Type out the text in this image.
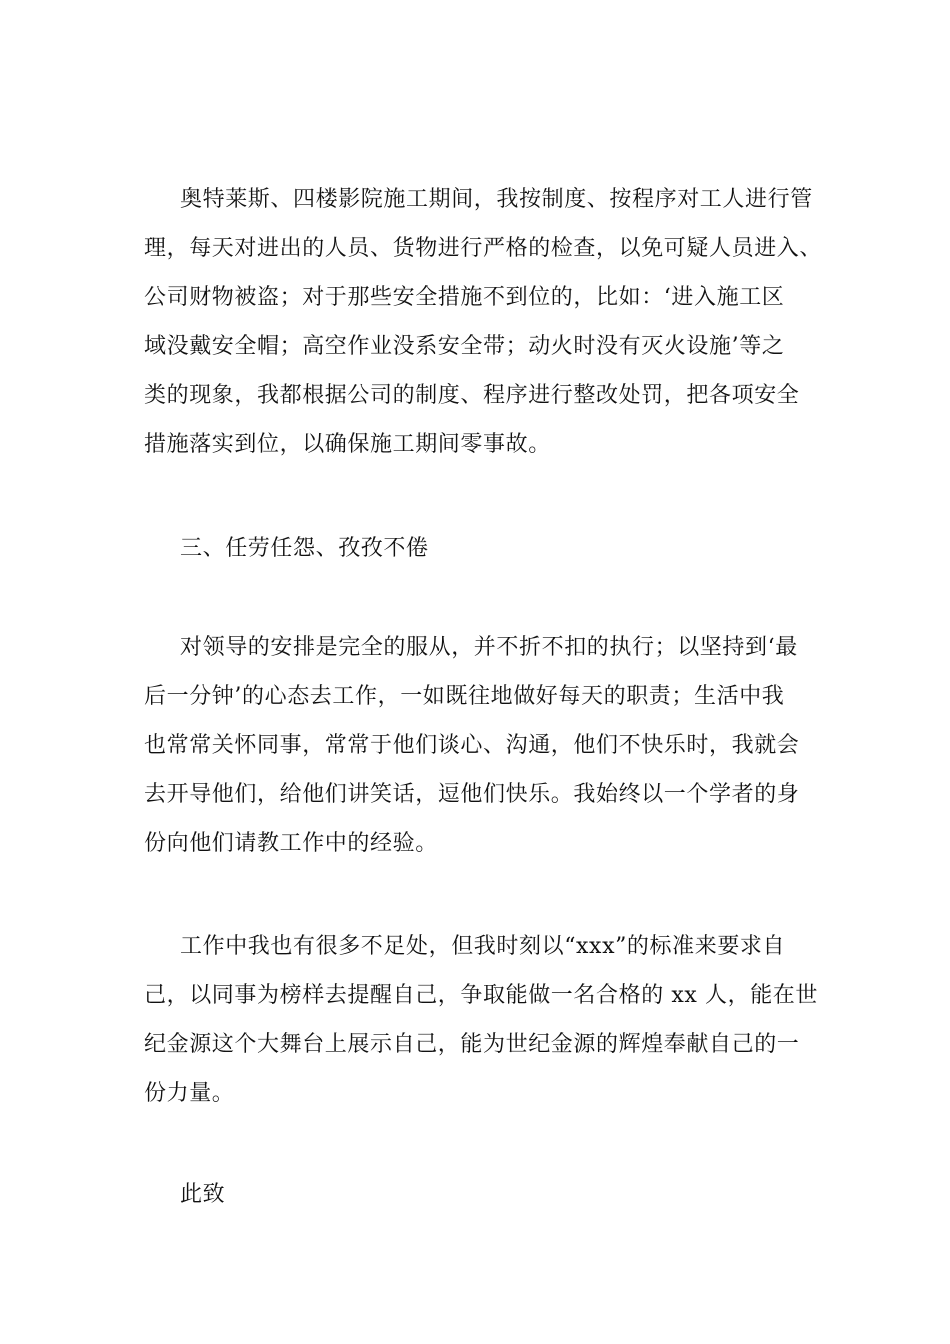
奥特莱斯、四楼影院施工期间，我按制度、按程序对工人进行管
理，每天对进出的人员、货物进行严格的检查，以免可疑人员进入、
公司财物被盗；对于那些安全措施不到位的，比如：‘进入施工区
域没戴安全帽；高空作业没系安全带；动火时没有灭火设施’等之
类的现象，我都根据公司的制度、程序进行整改处罚，把各项安全
措施落实到位，以确保施工期间零事故。
三、任劳任怨、孜孜不倦
对领导的安排是完全的服从，并不折不扣的执行；以坚持到‘最
后一分钟’的心态去工作，一如既往地做好每天的职责；生活中我
也常常关怀同事，常常于他们谈心、沟通，他们不快乐时，我就会
去开导他们，给他们讲笑话，逗他们快乐。我始终以一个学者的身
份向他们请教工作中的经验。
工作中我也有很多不足处，但我时刻以“xxx”的标准来要求自
己，以同事为榜样去提醒自己，争取能做一名合格的 xx 人，能在世
纪金源这个大舞台上展示自己，能为世纪金源的辉煌奉献自己的一
份力量。
此致
